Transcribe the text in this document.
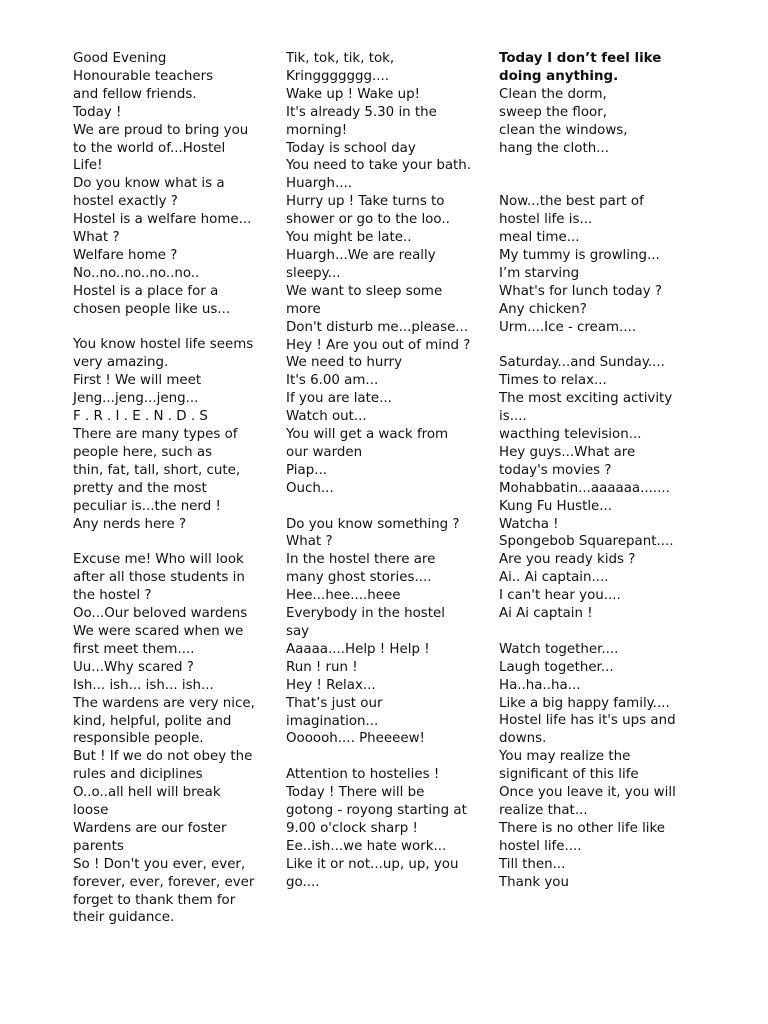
Good Evening
Honourable teachers
and fellow friends.
Today !
We are proud to bring you
to the world of...Hostel
Life!
Do you know what is a
hostel exactly ?
Hostel is a welfare home...
What ?
Welfare home ?
No..no..no..no..no..
Hostel is a place for a
chosen people like us...
You know hostel life seems
very amazing.
First ! We will meet
Jeng...jeng...jeng...
F . R . I . E . N . D . S
There are many types of
people here, such as
thin, fat, tall, short, cute,
pretty and the most
peculiar is...the nerd !
Any nerds here ?
Excuse me! Who will look
after all those students in
the hostel ?
Oo...Our beloved wardens
We were scared when we
first meet them....
Uu...Why scared ?
Ish... ish... ish... ish...
The wardens are very nice,
kind, helpful, polite and
responsible people.
But ! If we do not obey the
rules and diciplines
O..o..all hell will break
loose
Wardens are our foster
parents
So ! Don't you ever, ever,
forever, ever, forever, ever
forget to thank them for
their guidance.
Tik, tok, tik, tok,
Kringgggggg....
Wake up ! Wake up!
It's already 5.30 in the
morning!
Today is school day
You need to take your bath.
Huargh....
Hurry up ! Take turns to
shower or go to the loo..
You might be late..
Huargh...We are really
sleepy...
We want to sleep some
more
Don't disturb me...please...
Hey ! Are you out of mind ?
We need to hurry
It's 6.00 am...
If you are late...
Watch out...
You will get a wack from
our warden
Piap...
Ouch...
Do you know something ?
What ?
In the hostel there are
many ghost stories....
Hee...hee....heee
Everybody in the hostel
say
Aaaaa....Help ! Help !
Run ! run !
Hey ! Relax...
That’s just our
imagination...
Oooooh.... Pheeeew!
Attention to hostelies !
Today ! There will be
gotong - royong starting at
9.00 o'clock sharp !
Ee..ish...we hate work...
Like it or not...up, up, you
go....
Today I don’t feel like
doing anything.
Clean the dorm,
sweep the floor,
clean the windows,
hang the cloth...
Now...the best part of
hostel life is...
meal time...
My tummy is growling...
I’m starving
What's for lunch today ?
Any chicken?
Urm....Ice - cream....
Saturday...and Sunday....
Times to relax...
The most exciting activity
is....
wacthing television...
Hey guys...What are
today's movies ?
Mohabbatin...aaaaaa.......
Kung Fu Hustle...
Watcha !
Spongebob Squarepant....
Are you ready kids ?
Ai.. Ai captain....
I can't hear you....
Ai Ai captain !
Watch together....
Laugh together...
Ha..ha..ha...
Like a big happy family....
Hostel life has it's ups and
downs.
You may realize the
significant of this life
Once you leave it, you will
realize that...
There is no other life like
hostel life....
Till then...
Thank you
